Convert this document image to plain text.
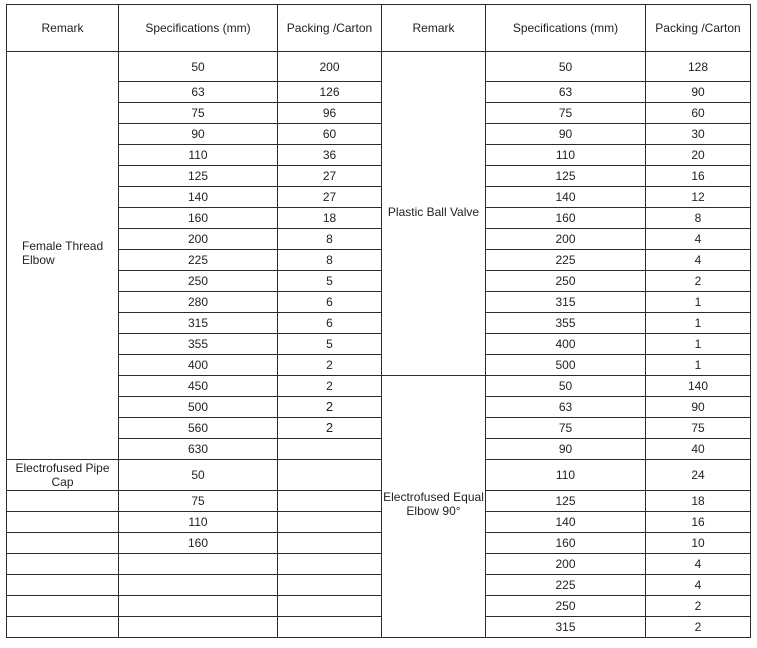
Remark	Specifications (mm)	Packing /Carton	Remark	Specifications (mm)	Packing /Carton

Female Thread Elbow	50	200	Plastic Ball Valve	50	128
	63	126		63	90
	75	96		75	60
	90	60		90	30
	110	36		110	20
	125	27		125	16
	140	27		140	12
	160	18		160	8
	200	8		200	4
	225	8		225	4
	250	5		250	2
	280	6		315	1
	315	6		355	1
	355	5		400	1
	400	2		500	1
	450	2	Electrofused Equal Elbow 90°	50	140
	500	2		63	90
	560	2		75	75
	630			90	40

Electrofused Pipe Cap	50			110	24
	75			125	18
	110			140	16
	160			160	10
				200	4
				225	4
				250	2
				315	2
